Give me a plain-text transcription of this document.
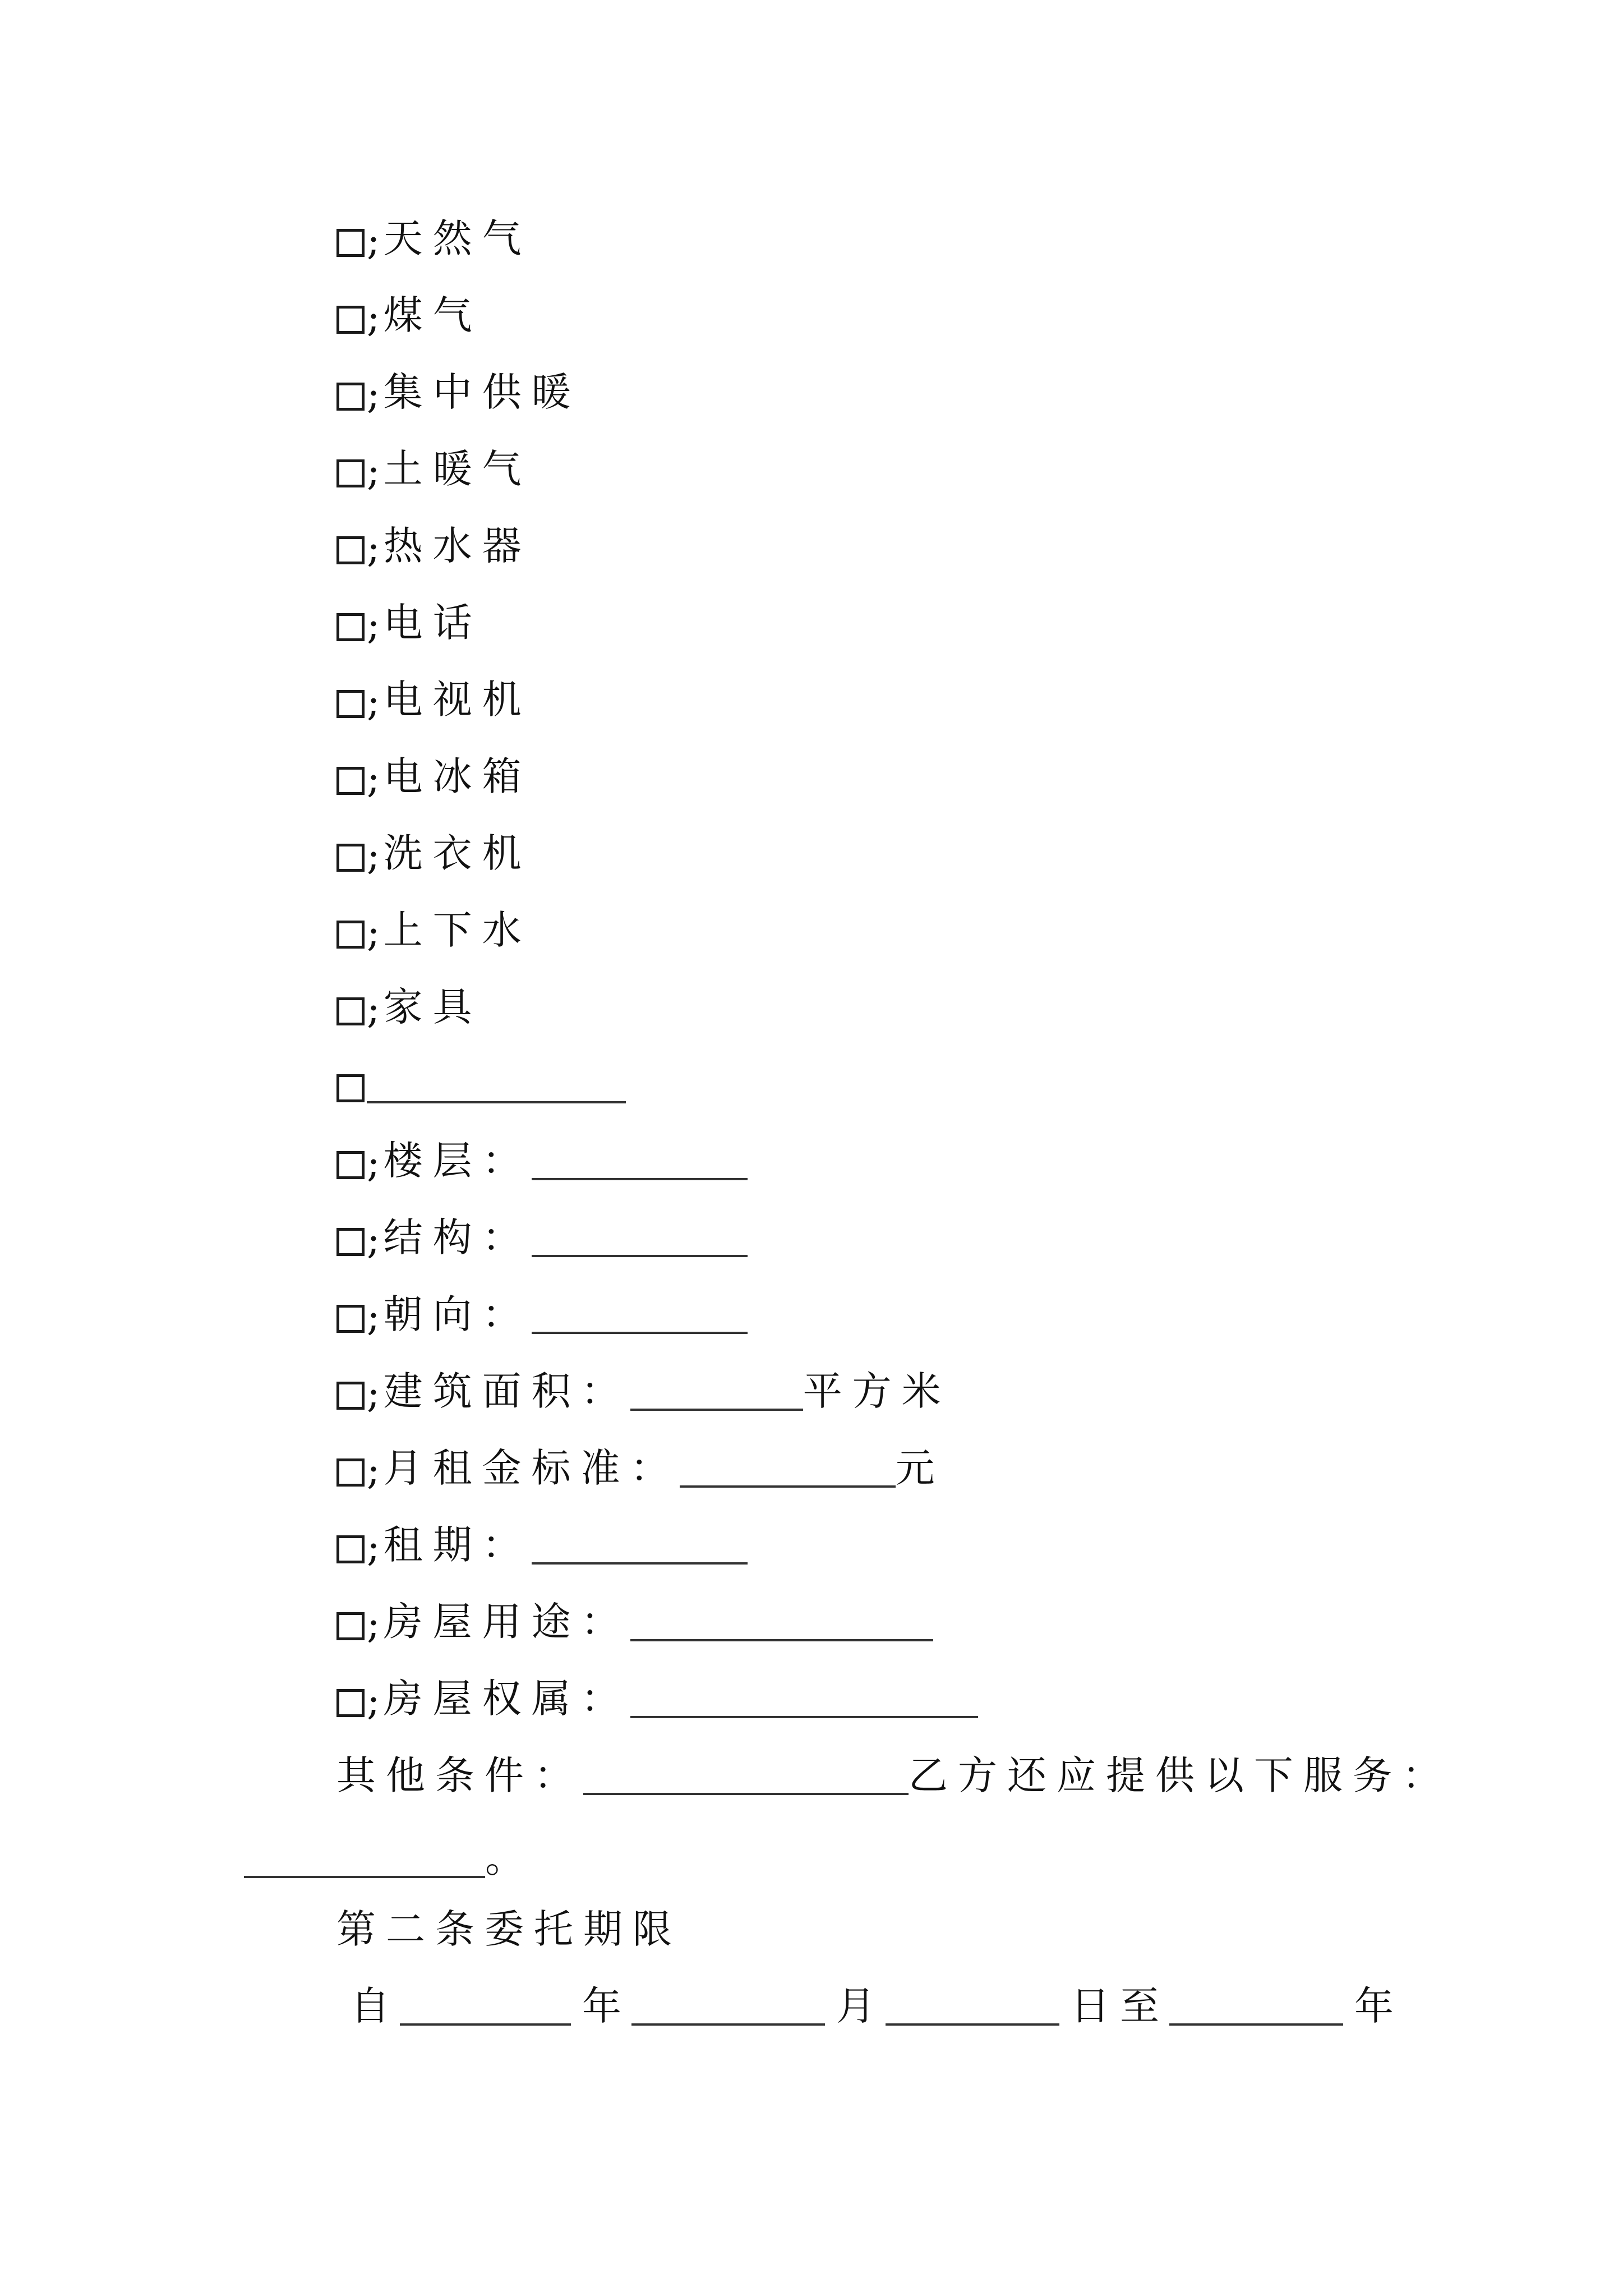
; 天然气
; 煤气
; 集中供暖
; 土暖气
; 热水器
; 电话
; 电视机
; 电冰箱
; 洗衣机
; 上下水
; 家具
; 楼层：
; 结构：
; 朝向：
; 建筑面积：	平方米
; 月租金标准：	元
; 租期：
; 房屋用途：
; 房屋权属：
其他条件：	乙方还应提供以下服务：
。
第二条委托期限
自	年	月	日至	年
